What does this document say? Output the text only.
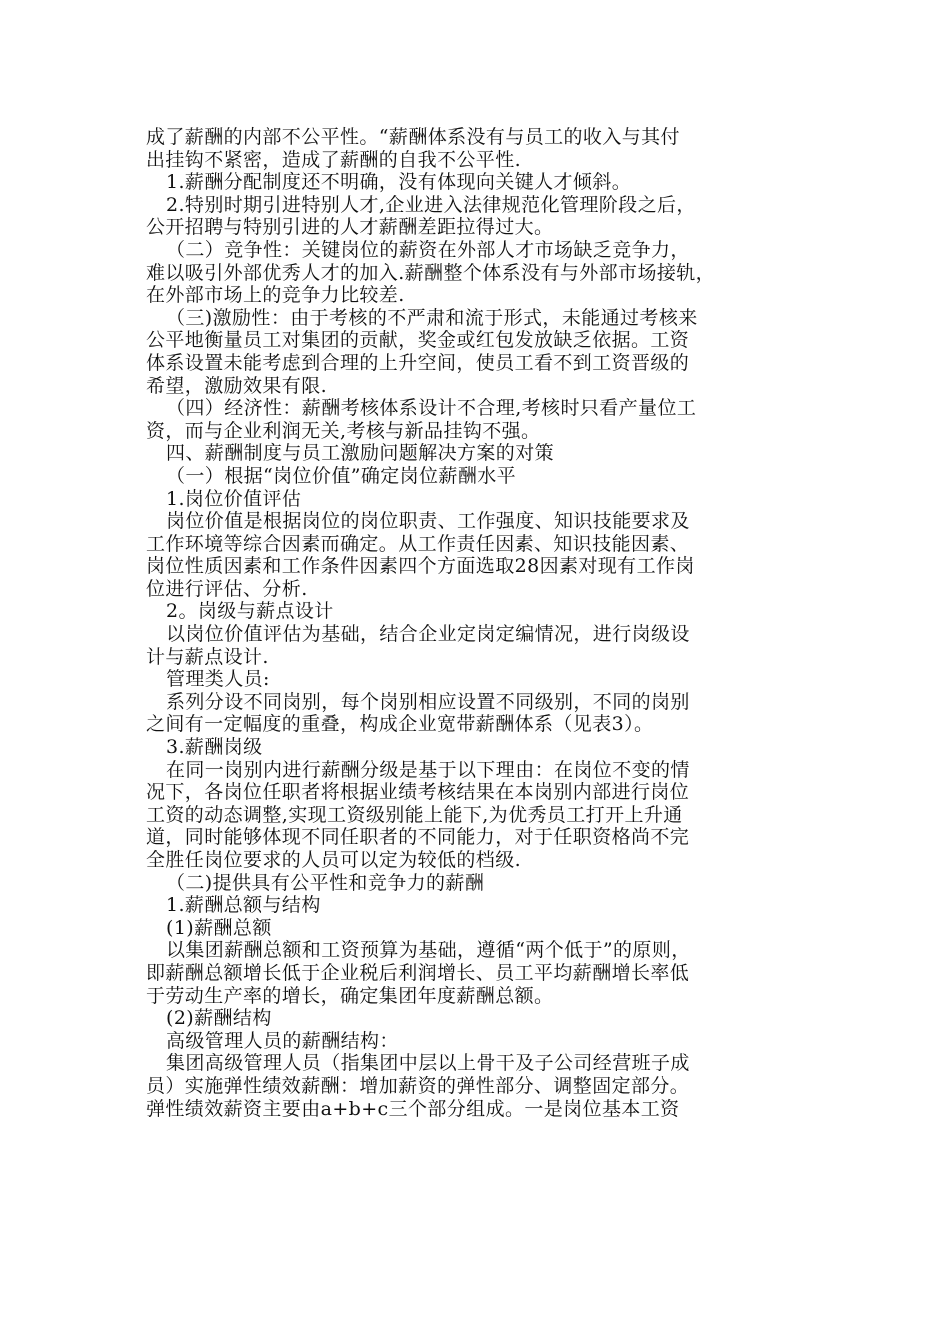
成了薪酬的内部不公平性。“薪酬体系没有与员工的收入与其付
出挂钩不紧密，造成了薪酬的自我不公平性.
1.薪酬分配制度还不明确，没有体现向关键人才倾斜。
2.特别时期引进特别人才,企业进入法律规范化管理阶段之后，
公开招聘与特别引进的人才薪酬差距拉得过大。
（二）竞争性：关键岗位的薪资在外部人才市场缺乏竞争力，
难以吸引外部优秀人才的加入.薪酬整个体系没有与外部市场接轨，
在外部市场上的竞争力比较差.
（三)激励性：由于考核的不严肃和流于形式，未能通过考核来
公平地衡量员工对集团的贡献，奖金或红包发放缺乏依据。工资
体系设置未能考虑到合理的上升空间，使员工看不到工资晋级的
希望，激励效果有限.
（四）经济性：薪酬考核体系设计不合理,考核时只看产量位工
资，而与企业利润无关,考核与新品挂钩不强。
四、薪酬制度与员工激励问题解决方案的对策
（一）根据“岗位价值”确定岗位薪酬水平
1.岗位价值评估
岗位价值是根据岗位的岗位职责、工作强度、知识技能要求及
工作环境等综合因素而确定。从工作责任因素、知识技能因素、
岗位性质因素和工作条件因素四个方面选取28因素对现有工作岗
位进行评估、分析.
2。岗级与薪点设计
以岗位价值评估为基础，结合企业定岗定编情况，进行岗级设
计与薪点设计.
管理类人员:
系列分设不同岗别，每个岗别相应设置不同级别，不同的岗别
之间有一定幅度的重叠，构成企业宽带薪酬体系（见表3）。
3.薪酬岗级
在同一岗别内进行薪酬分级是基于以下理由：在岗位不变的情
况下，各岗位任职者将根据业绩考核结果在本岗别内部进行岗位
工资的动态调整,实现工资级别能上能下,为优秀员工打开上升通
道，同时能够体现不同任职者的不同能力，对于任职资格尚不完
全胜任岗位要求的人员可以定为较低的档级.
（二)提供具有公平性和竞争力的薪酬
1.薪酬总额与结构
(1)薪酬总额
以集团薪酬总额和工资预算为基础，遵循“两个低于”的原则，
即薪酬总额增长低于企业税后利润增长、员工平均薪酬增长率低
于劳动生产率的增长，确定集团年度薪酬总额。
(2)薪酬结构
高级管理人员的薪酬结构：
集团高级管理人员（指集团中层以上骨干及子公司经营班子成
员）实施弹性绩效薪酬：增加薪资的弹性部分、调整固定部分。
弹性绩效薪资主要由a+b+c三个部分组成。一是岗位基本工资
